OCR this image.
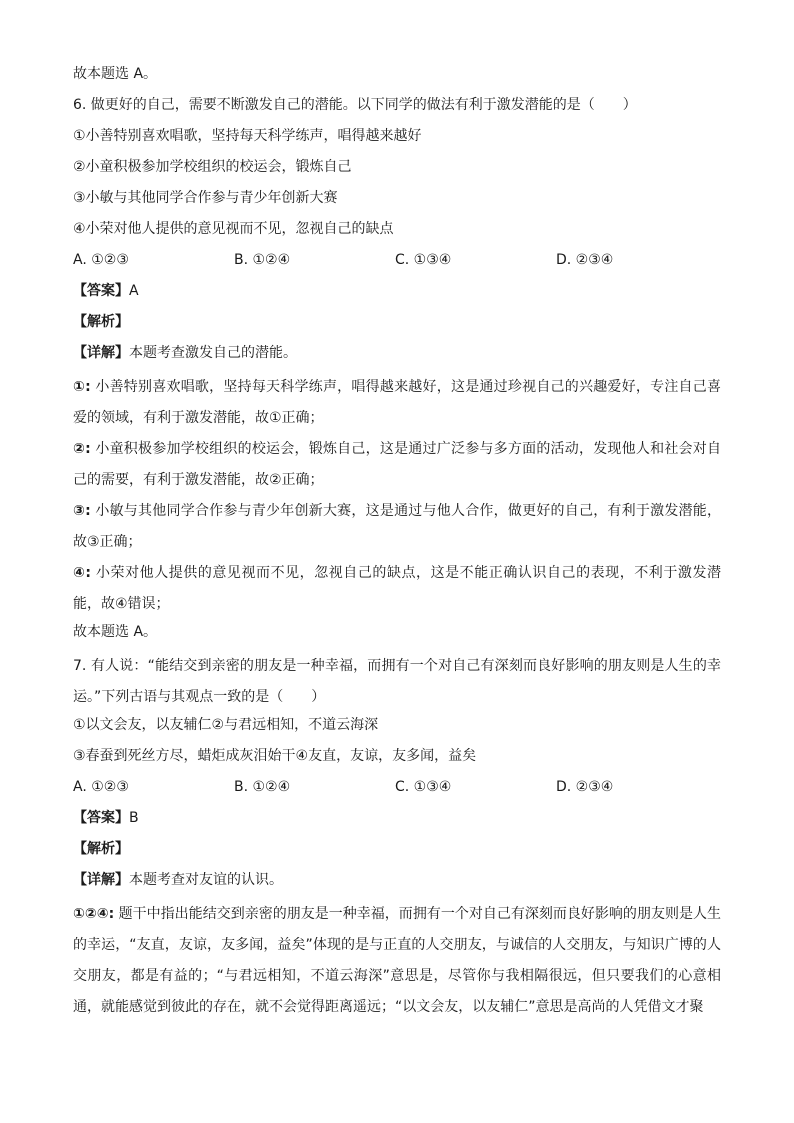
故本题选 A。
6. 做更好的自己，需要不断激发自己的潜能。以下同学的做法有利于激发潜能的是（　　）
①小善特别喜欢唱歌，坚持每天科学练声，唱得越来越好
②小童积极参加学校组织的校运会，锻炼自己
③小敏与其他同学合作参与青少年创新大赛
④小荣对他人提供的意见视而不见，忽视自己的缺点
A. ①②③	B. ①②④	C. ①③④	D. ②③④
【答案】A
【解析】
【详解】本题考查激发自己的潜能。
①: 小善特别喜欢唱歌，坚持每天科学练声，唱得越来越好，这是通过珍视自己的兴趣爱好，专注自己喜爱的领域，有利于激发潜能，故①正确；
②: 小童积极参加学校组织的校运会，锻炼自己，这是通过广泛参与多方面的活动，发现他人和社会对自己的需要，有利于激发潜能，故②正确；
③: 小敏与其他同学合作参与青少年创新大赛，这是通过与他人合作，做更好的自己，有利于激发潜能，故③正确；
④: 小荣对他人提供的意见视而不见，忽视自己的缺点，这是不能正确认识自己的表现，不利于激发潜能，故④错误；
故本题选 A。
7. 有人说：“能结交到亲密的朋友是一种幸福，而拥有一个对自己有深刻而良好影响的朋友则是人生的幸运。”下列古语与其观点一致的是（　　）
①以文会友，以友辅仁②与君远相知，不道云海深
③春蚕到死丝方尽，蜡炬成灰泪始干④友直，友谅，友多闻，益矣
A. ①②③	B. ①②④	C. ①③④	D. ②③④
【答案】B
【解析】
【详解】本题考查对友谊的认识。
①②④: 题干中指出能结交到亲密的朋友是一种幸福，而拥有一个对自己有深刻而良好影响的朋友则是人生的幸运，“友直，友谅，友多闻，益矣”体现的是与正直的人交朋友，与诚信的人交朋友，与知识广博的人交朋友，都是有益的；“与君远相知，不道云海深”意思是，尽管你与我相隔很远，但只要我们的心意相通，就能感觉到彼此的存在，就不会觉得距离遥远；“以文会友，以友辅仁”意思是高尚的人凭借文才聚
